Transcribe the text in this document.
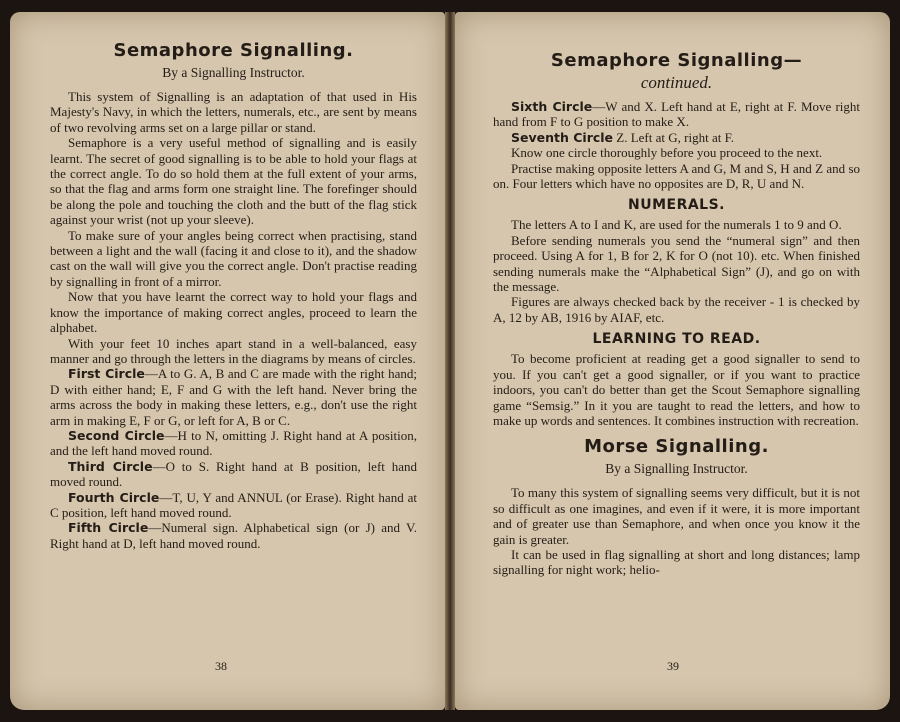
Semaphore Signalling.
By a Signalling Instructor.

This system of Signalling is an adaptation of that used in His Majesty's Navy, in which the letters, numerals, etc., are sent by means of two revolving arms set on a large pillar or stand.

Semaphore is a very useful method of signalling and is easily learnt. The secret of good signalling is to be able to hold your flags at the correct angle. To do so hold them at the full extent of your arms, so that the flag and arms form one straight line. The forefinger should be along the pole and touching the cloth and the butt of the flag stick against your wrist (not up your sleeve).

To make sure of your angles being correct when practising, stand between a light and the wall (facing it and close to it), and the shadow cast on the wall will give you the correct angle. Don't practise reading by signalling in front of a mirror.

Now that you have learnt the correct way to hold your flags and know the importance of making correct angles, proceed to learn the alphabet.

With your feet 10 inches apart stand in a well-balanced, easy manner and go through the letters in the diagrams by means of circles.

First Circle—A to G. A, B and C are made with the right hand; D with either hand; E, F and G with the left hand. Never bring the arms across the body in making these letters, e.g., don't use the right arm in making E, F or G, or left for A, B or C.

Second Circle—H to N, omitting J. Right hand at A position, and the left hand moved round.

Third Circle—O to S. Right hand at B position, left hand moved round.

Fourth Circle—T, U, Y and ANNUL (or Erase). Right hand at C position, left hand moved round.

Fifth Circle—Numeral sign. Alphabetical sign (or J) and V. Right hand at D, left hand moved round.

38
Semaphore Signalling—
continued.

Sixth Circle—W and X. Left hand at E, right at F. Move right hand from F to G position to make X.

Seventh Circle Z. Left at G, right at F.

Know one circle thoroughly before you proceed to the next.

Practise making opposite letters A and G, M and S, H and Z and so on. Four letters which have no opposites are D, R, U and N.

NUMERALS.

The letters A to I and K, are used for the numerals 1 to 9 and O.

Before sending numerals you send the “numeral sign” and then proceed. Using A for 1, B for 2, K for O (not 10). etc. When finished sending numerals make the “Alphabetical Sign” (J), and go on with the message.

Figures are always checked back by the receiver - 1 is checked by A, 12 by AB, 1916 by AIAF, etc.

LEARNING TO READ.

To become proficient at reading get a good signaller to send to you. If you can't get a good signaller, or if you want to practice indoors, you can't do better than get the Scout Semaphore signalling game “Semsig.” In it you are taught to read the letters, and how to make up words and sentences. It combines instruction with recreation.

Morse Signalling.
By a Signalling Instructor.

To many this system of signalling seems very difficult, but it is not so difficult as one imagines, and even if it were, it is more important and of greater use than Semaphore, and when once you know it the gain is greater.

It can be used in flag signalling at short and long distances; lamp signalling for night work; helio-

39
